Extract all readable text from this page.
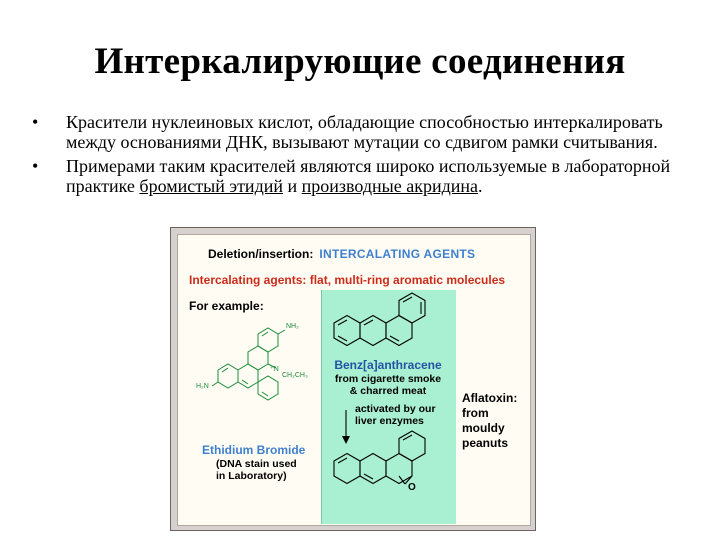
Интеркалирующие соединения
• Красители нуклеиновых кислот, обладающие способностью интеркалировать между основаниями ДНК, вызывают мутации со сдвигом рамки считывания.
• Примерами таким красителей являются широко используемые в лабораторной практике бромистый этидий и производные акридина.
Deletion/insertion: INTERCALATING AGENTS
Intercalating agents: flat, multi-ring aromatic molecules
For example:
Benz[a]anthracene
from cigarette smoke
& charred meat
activated by our
liver enzymes
O
Aflatoxin:
from
mouldy
peanuts
NH₂
H₂N
⁺N
CH₂CH₃
Ethidium Bromide
(DNA stain used
in Laboratory)
